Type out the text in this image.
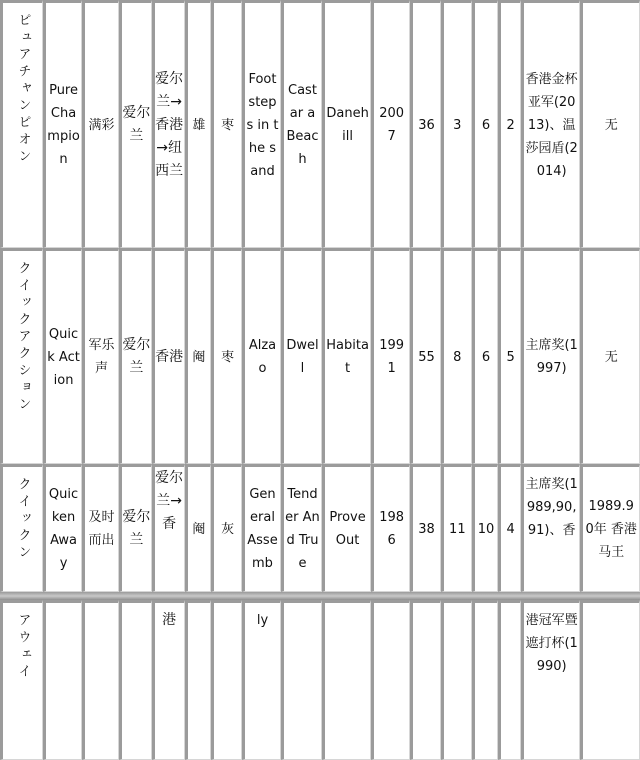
ピュアチャンピオン	Pure Champion	满彩	爱尔兰	爱尔兰→香港→纽西兰	雄	枣	Footsteps in the sand	Castar a Beach	Danehill	2007	36	3	6	2	香港金杯亚军(2013)、温莎园盾(2014)	无

クイックアクション	Quick Action	军乐声	爱尔兰	香港	阉	枣	Alzao	Dwell	Habitat	1991	55	8	6	5	主席奖(1997)	无

クイックン	Quicken Away	及时而出	爱尔兰	爱尔兰→香	阉	灰	General Assemb	Tender And True	Prove Out	1986	38	11	10	4	主席奖(1989,90,91)、香	1989.90年 香港马王
アウェイ				港			ly								港冠军暨遮打杯(1990)
